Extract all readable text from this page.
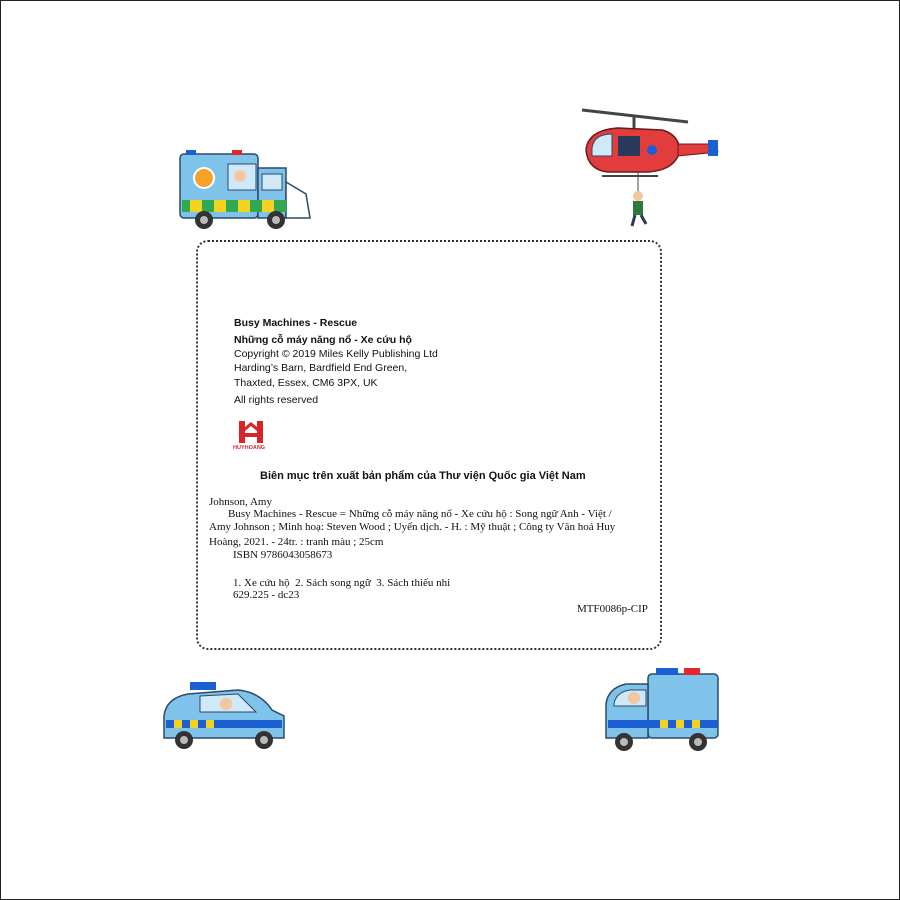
Busy Machines - Rescue
Những cỗ máy năng nổ - Xe cứu hộ
Copyright © 2019 Miles Kelly Publishing Ltd
Harding’s Barn, Bardfield End Green,
Thaxted, Essex, CM6 3PX, UK
All rights reserved
HUYHOANG
Biên mục trên xuất bản phẩm của Thư viện Quốc gia Việt Nam
Johnson, Amy
Busy Machines - Rescue = Những cỗ máy năng nổ - Xe cứu hộ : Song ngữ Anh - Việt /
Amy Johnson ; Minh hoạ: Steven Wood ; Uyển dịch. - H. : Mỹ thuật ; Công ty Văn hoá Huy
Hoàng, 2021. - 24tr. : tranh màu ; 25cm
ISBN 9786043058673
1. Xe cứu hộ  2. Sách song ngữ  3. Sách thiếu nhi
629.225 - dc23
MTF0086p-CIP
